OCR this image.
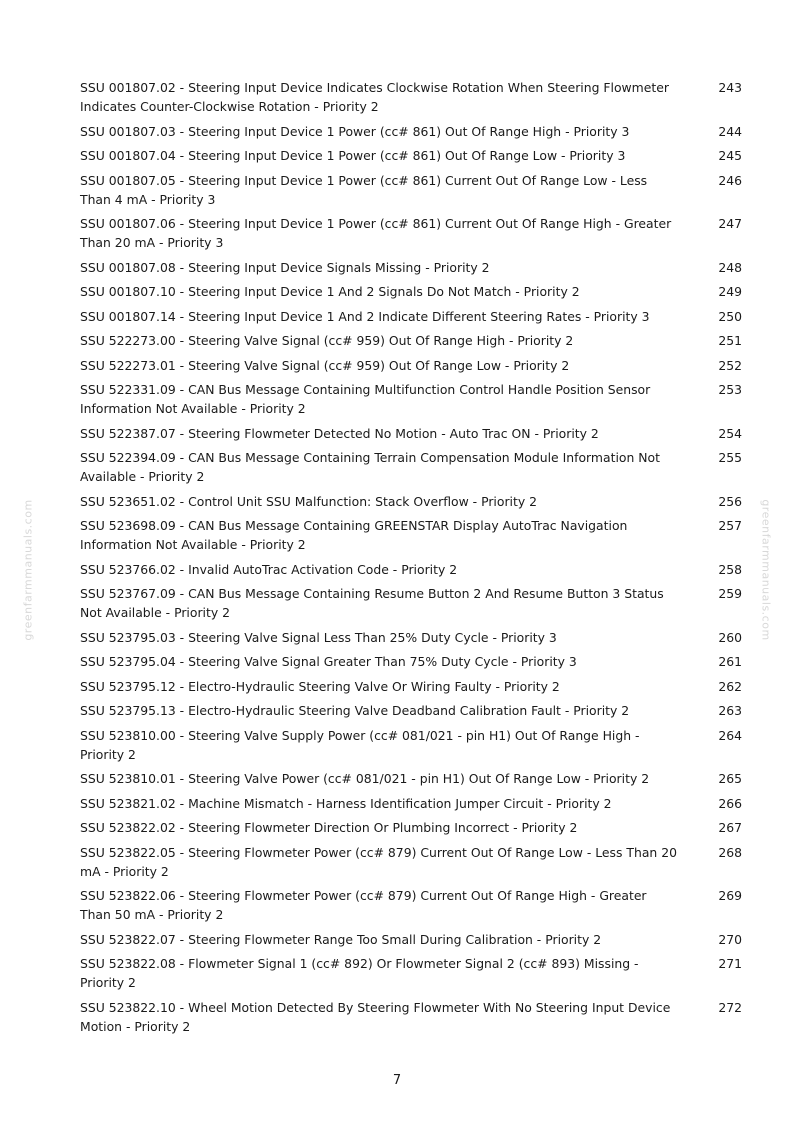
greenfarmmanuals.com	greenfarmmanuals.com
SSU 001807.02 - Steering Input Device Indicates Clockwise Rotation When Steering Flowmeter Indicates Counter-Clockwise Rotation - Priority 2
243
SSU 001807.03 - Steering Input Device 1 Power (cc# 861) Out Of Range High - Priority 3	244
SSU 001807.04 - Steering Input Device 1 Power (cc# 861) Out Of Range Low - Priority 3	245
SSU 001807.05 - Steering Input Device 1 Power (cc# 861) Current Out Of Range Low - Less Than 4 mA - Priority 3
246
SSU 001807.06 - Steering Input Device 1 Power (cc# 861) Current Out Of Range High - Greater Than 20 mA - Priority 3
247
SSU 001807.08 - Steering Input Device Signals Missing - Priority 2	248
SSU 001807.10 - Steering Input Device 1 And 2 Signals Do Not Match - Priority 2	249
SSU 001807.14 - Steering Input Device 1 And 2 Indicate Different Steering Rates - Priority 3	250
SSU 522273.00 - Steering Valve Signal (cc# 959) Out Of Range High - Priority 2	251
SSU 522273.01 - Steering Valve Signal (cc# 959) Out Of Range Low - Priority 2	252
SSU 522331.09 - CAN Bus Message Containing Multifunction Control Handle Position Sensor Information Not Available - Priority 2
253
SSU 522387.07 - Steering Flowmeter Detected No Motion - Auto Trac ON - Priority 2	254
SSU 522394.09 - CAN Bus Message Containing Terrain Compensation Module Information Not Available - Priority 2
255
SSU 523651.02 - Control Unit SSU Malfunction: Stack Overflow - Priority 2	256
SSU 523698.09 - CAN Bus Message Containing GREENSTAR Display AutoTrac Navigation Information Not Available - Priority 2
257
SSU 523766.02 - Invalid AutoTrac Activation Code - Priority 2	258
SSU 523767.09 - CAN Bus Message Containing Resume Button 2 And Resume Button 3 Status Not Available - Priority 2
259
SSU 523795.03 - Steering Valve Signal Less Than 25% Duty Cycle - Priority 3	260
SSU 523795.04 - Steering Valve Signal Greater Than 75% Duty Cycle - Priority 3	261
SSU 523795.12 - Electro-Hydraulic Steering Valve Or Wiring Faulty - Priority 2	262
SSU 523795.13 - Electro-Hydraulic Steering Valve Deadband Calibration Fault - Priority 2	263
SSU 523810.00 - Steering Valve Supply Power (cc# 081/021 - pin H1) Out Of Range High - Priority 2
264
SSU 523810.01 - Steering Valve Power (cc# 081/021 - pin H1) Out Of Range Low - Priority 2	265
SSU 523821.02 - Machine Mismatch - Harness Identification Jumper Circuit - Priority 2	266
SSU 523822.02 - Steering Flowmeter Direction Or Plumbing Incorrect - Priority 2	267
SSU 523822.05 - Steering Flowmeter Power (cc# 879) Current Out Of Range Low - Less Than 20 mA - Priority 2
268
SSU 523822.06 - Steering Flowmeter Power (cc# 879) Current Out Of Range High - Greater Than 50 mA - Priority 2
269
SSU 523822.07 - Steering Flowmeter Range Too Small During Calibration - Priority 2	270
SSU 523822.08 - Flowmeter Signal 1 (cc# 892) Or Flowmeter Signal 2 (cc# 893) Missing - Priority 2
271
SSU 523822.10 - Wheel Motion Detected By Steering Flowmeter With No Steering Input Device Motion - Priority 2
272
7
